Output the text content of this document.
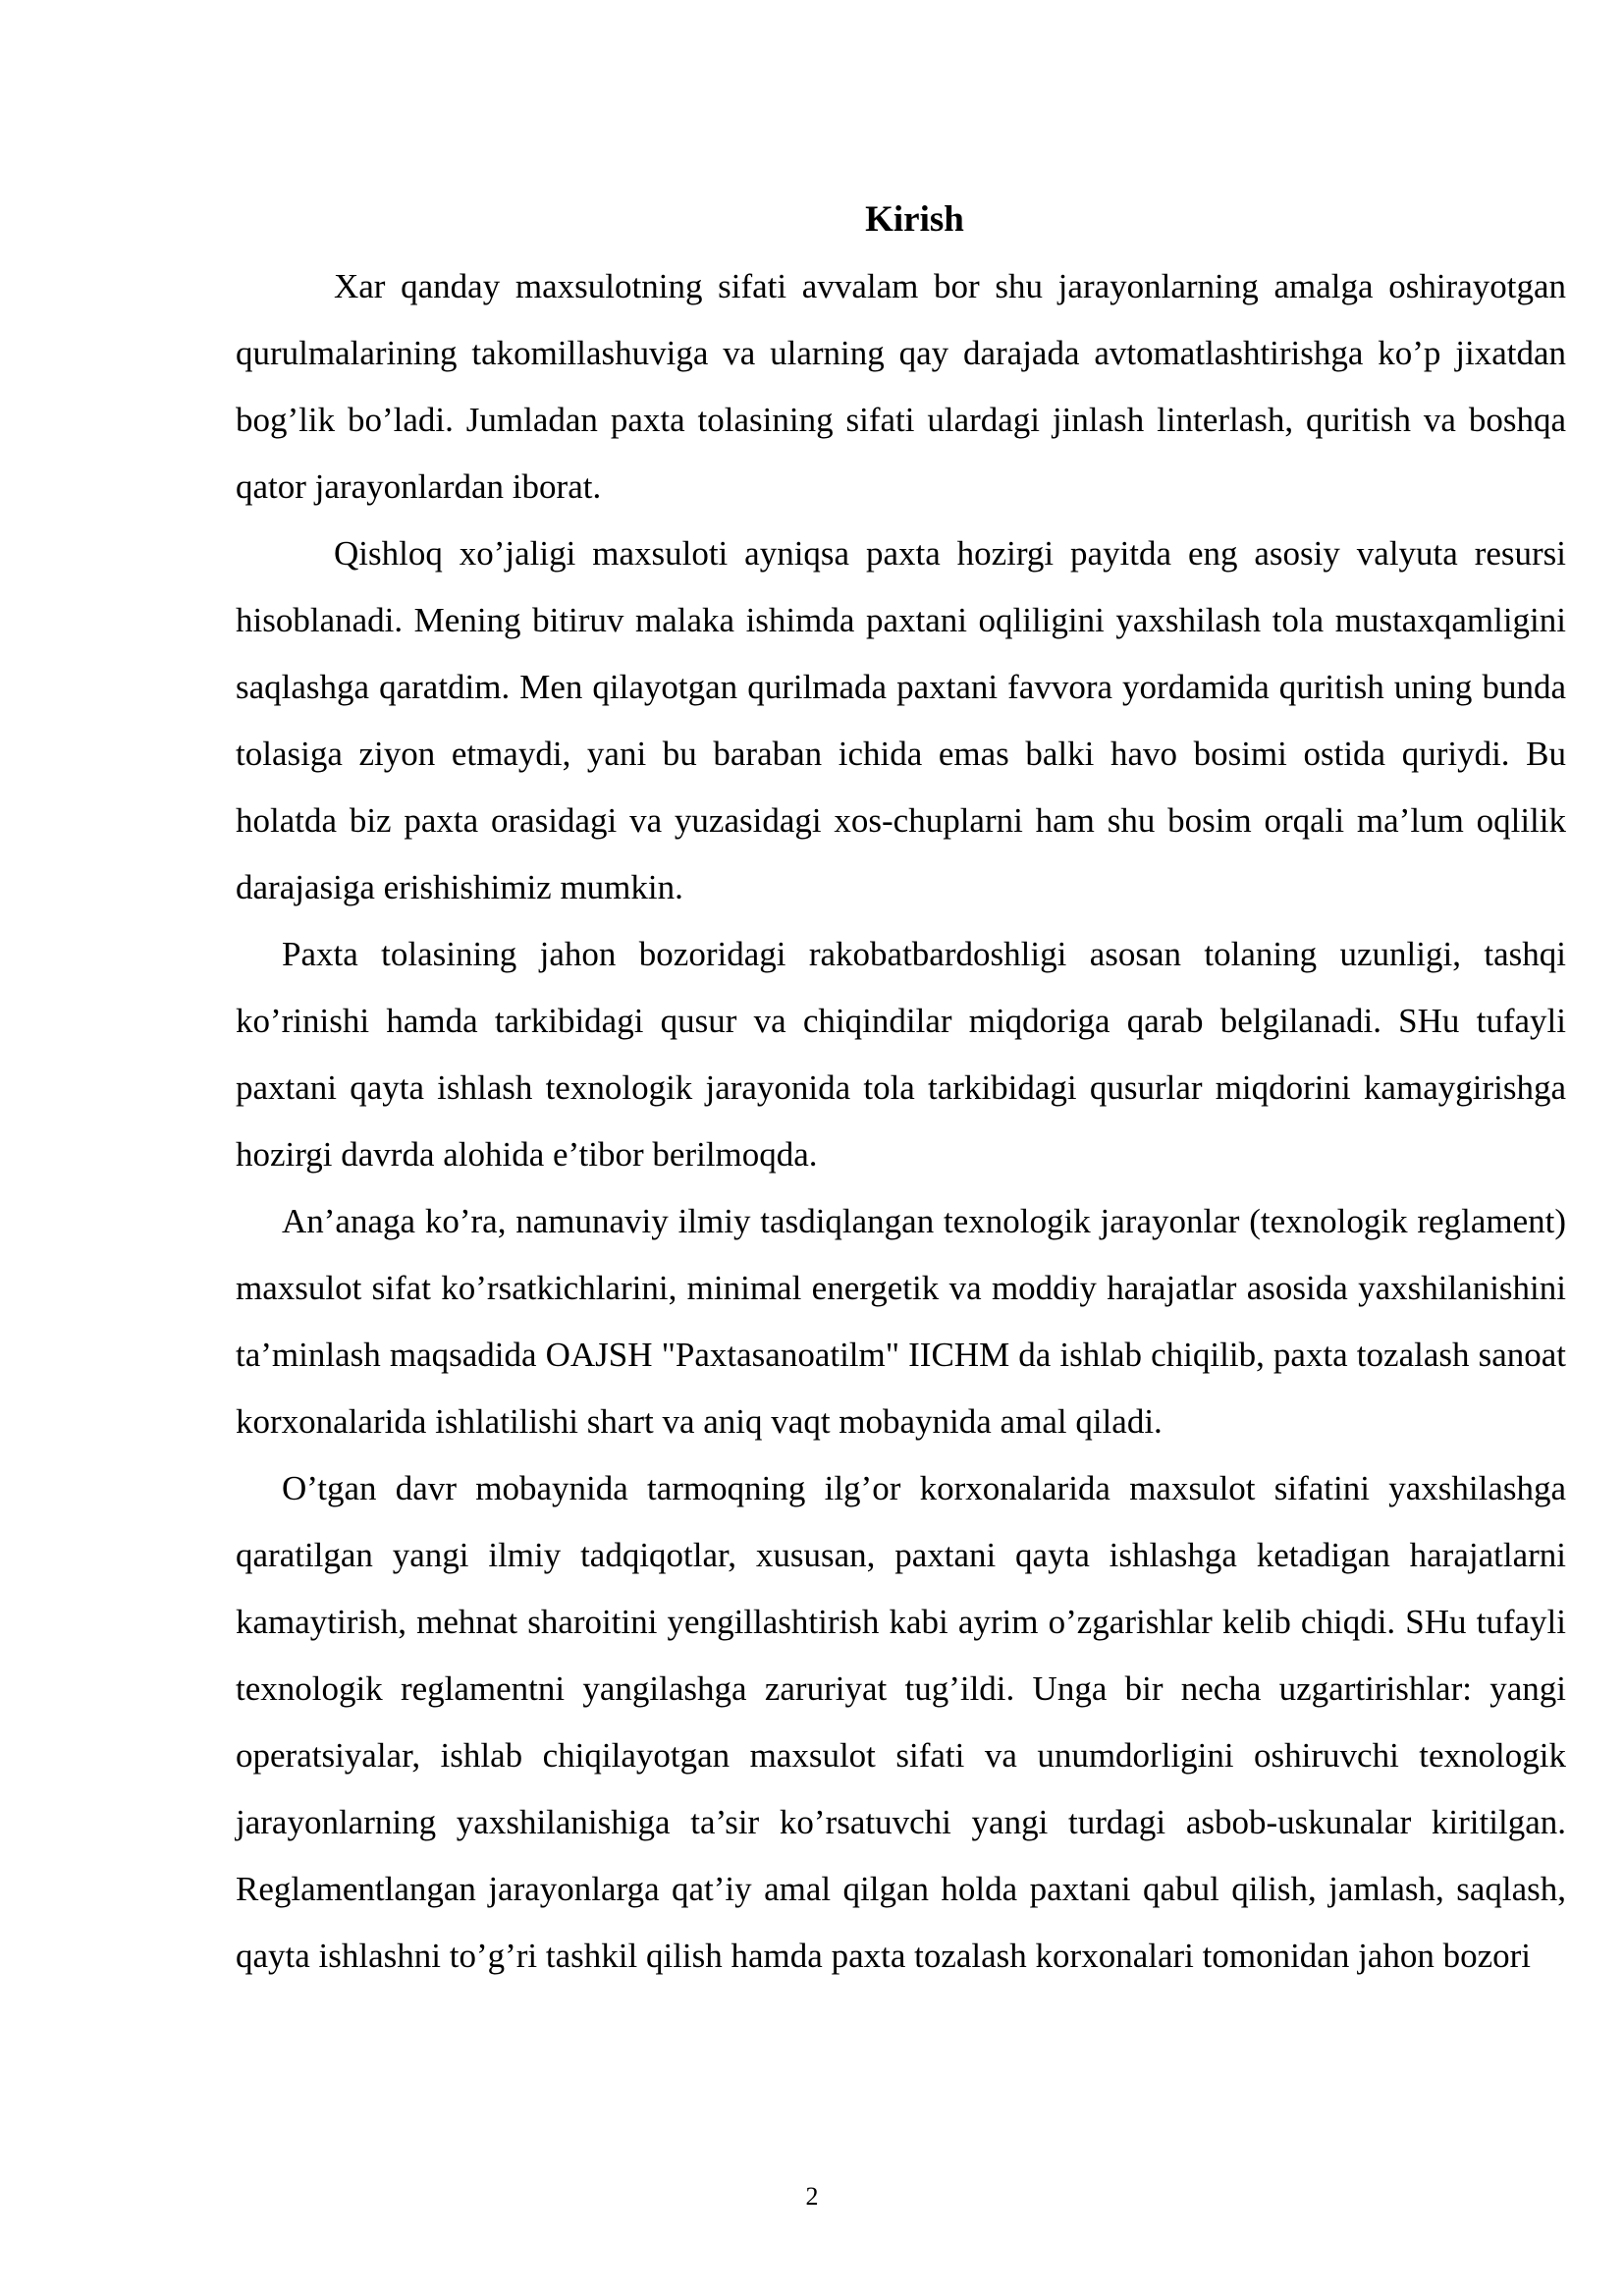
Kirish

Xar qanday maxsulotning sifati avvalam bor shu jarayonlarning amalga oshirayotgan qurulmalarining takomillashuviga va ularning qay darajada avtomatlashtirishga ko’p jixatdan bog’lik bo’ladi. Jumladan paxta tolasining sifati ulardagi jinlash linterlash, quritish va boshqa qator jarayonlardan iborat.

Qishloq xo’jaligi maxsuloti ayniqsa paxta hozirgi payitda eng asosiy valyuta resursi hisoblanadi. Mening bitiruv malaka ishimda paxtani oqliligini yaxshilash tola mustaxqamligini saqlashga qaratdim. Men qilayotgan qurilmada paxtani favvora yordamida quritish uning bunda tolasiga ziyon etmaydi, yani bu baraban ichida emas balki havo bosimi ostida quriydi. Bu holatda biz paxta orasidagi va yuzasidagi xos-chuplarni ham shu bosim orqali ma’lum oqlilik darajasiga erishishimiz mumkin.

Paxta tolasining jahon bozoridagi rakobatbardoshligi asosan tolaning uzunligi, tashqi ko’rinishi hamda tarkibidagi qusur va chiqindilar miqdoriga qarab belgilanadi. SHu tufayli paxtani qayta ishlash texnologik jarayonida tola tarkibidagi qusurlar miqdorini kamaygirishga hozirgi davrda alohida e’tibor berilmoqda.

An’anaga ko’ra, namunaviy ilmiy tasdiqlangan texnologik jarayonlar (texnologik reglament) maxsulot sifat ko’rsatkichlarini, minimal energetik va moddiy harajatlar asosida yaxshilanishini ta’minlash maqsadida OAJSH "Paxtasanoatilm" IICHM da ishlab chiqilib, paxta tozalash sanoat korxonalarida ishlatilishi shart va aniq vaqt mobaynida amal qiladi.

O’tgan davr mobaynida tarmoqning ilg’or korxonalarida maxsulot sifatini yaxshilashga qaratilgan yangi ilmiy tadqiqotlar, xususan, paxtani qayta ishlashga ketadigan harajatlarni kamaytirish, mehnat sharoitini yengillashtirish kabi ayrim o’zgarishlar kelib chiqdi. SHu tufayli texnologik reglamentni yangilashga zaruriyat tug’ildi. Unga bir necha uzgartirishlar: yangi operatsiyalar, ishlab chiqilayotgan maxsulot sifati va unumdorligini oshiruvchi texnologik jarayonlarning yaxshilanishiga ta’sir ko’rsatuvchi yangi turdagi asbob-uskunalar kiritilgan. Reglamentlangan jarayonlarga qat’iy amal qilgan holda paxtani qabul qilish, jamlash, saqlash, qayta ishlashni to’g’ri tashkil qilish hamda paxta tozalash korxonalari tomonidan jahon bozori

2
